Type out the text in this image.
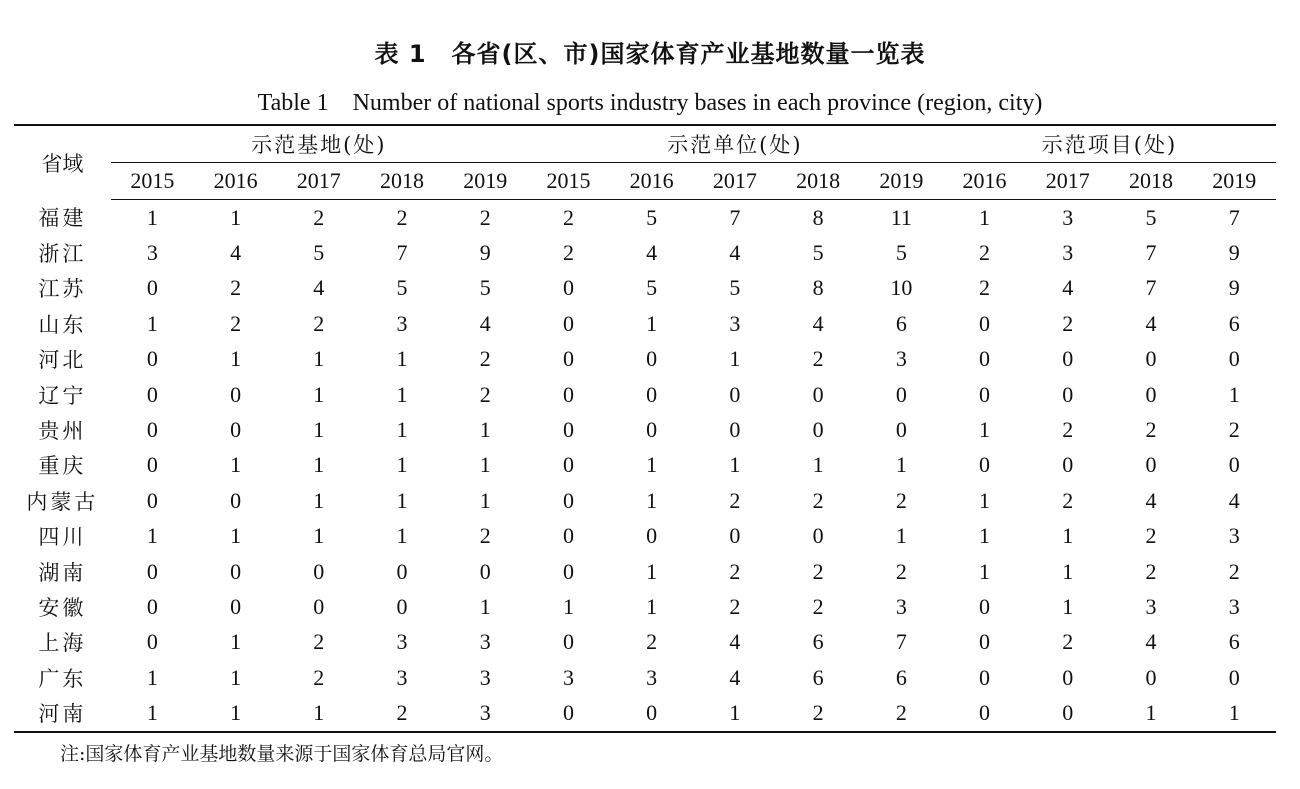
表 1　各省(区、市)国家体育产业基地数量一览表
Table 1　Number of national sports industry bases in each province (region, city)
省域	示范基地(处)					示范单位(处)					示范项目(处)			
	2015	2016	2017	2018	2019	2015	2016	2017	2018	2019	2016	2017	2018	2019
福建	1	1	2	2	2	2	5	7	8	11	1	3	5	7
浙江	3	4	5	7	9	2	4	4	5	5	2	3	7	9
江苏	0	2	4	5	5	0	5	5	8	10	2	4	7	9
山东	1	2	2	3	4	0	1	3	4	6	0	2	4	6
河北	0	1	1	1	2	0	0	1	2	3	0	0	0	0
辽宁	0	0	1	1	2	0	0	0	0	0	0	0	0	1
贵州	0	0	1	1	1	0	0	0	0	0	1	2	2	2
重庆	0	1	1	1	1	0	1	1	1	1	0	0	0	0
内蒙古	0	0	1	1	1	0	1	2	2	2	1	2	4	4
四川	1	1	1	1	2	0	0	0	0	1	1	1	2	3
湖南	0	0	0	0	0	0	1	2	2	2	1	1	2	2
安徽	0	0	0	0	1	1	1	2	2	3	0	1	3	3
上海	0	1	2	3	3	0	2	4	6	7	0	2	4	6
广东	1	1	2	3	3	3	3	4	6	6	0	0	0	0
河南	1	1	1	2	3	0	0	1	2	2	0	0	1	1
注:国家体育产业基地数量来源于国家体育总局官网。
